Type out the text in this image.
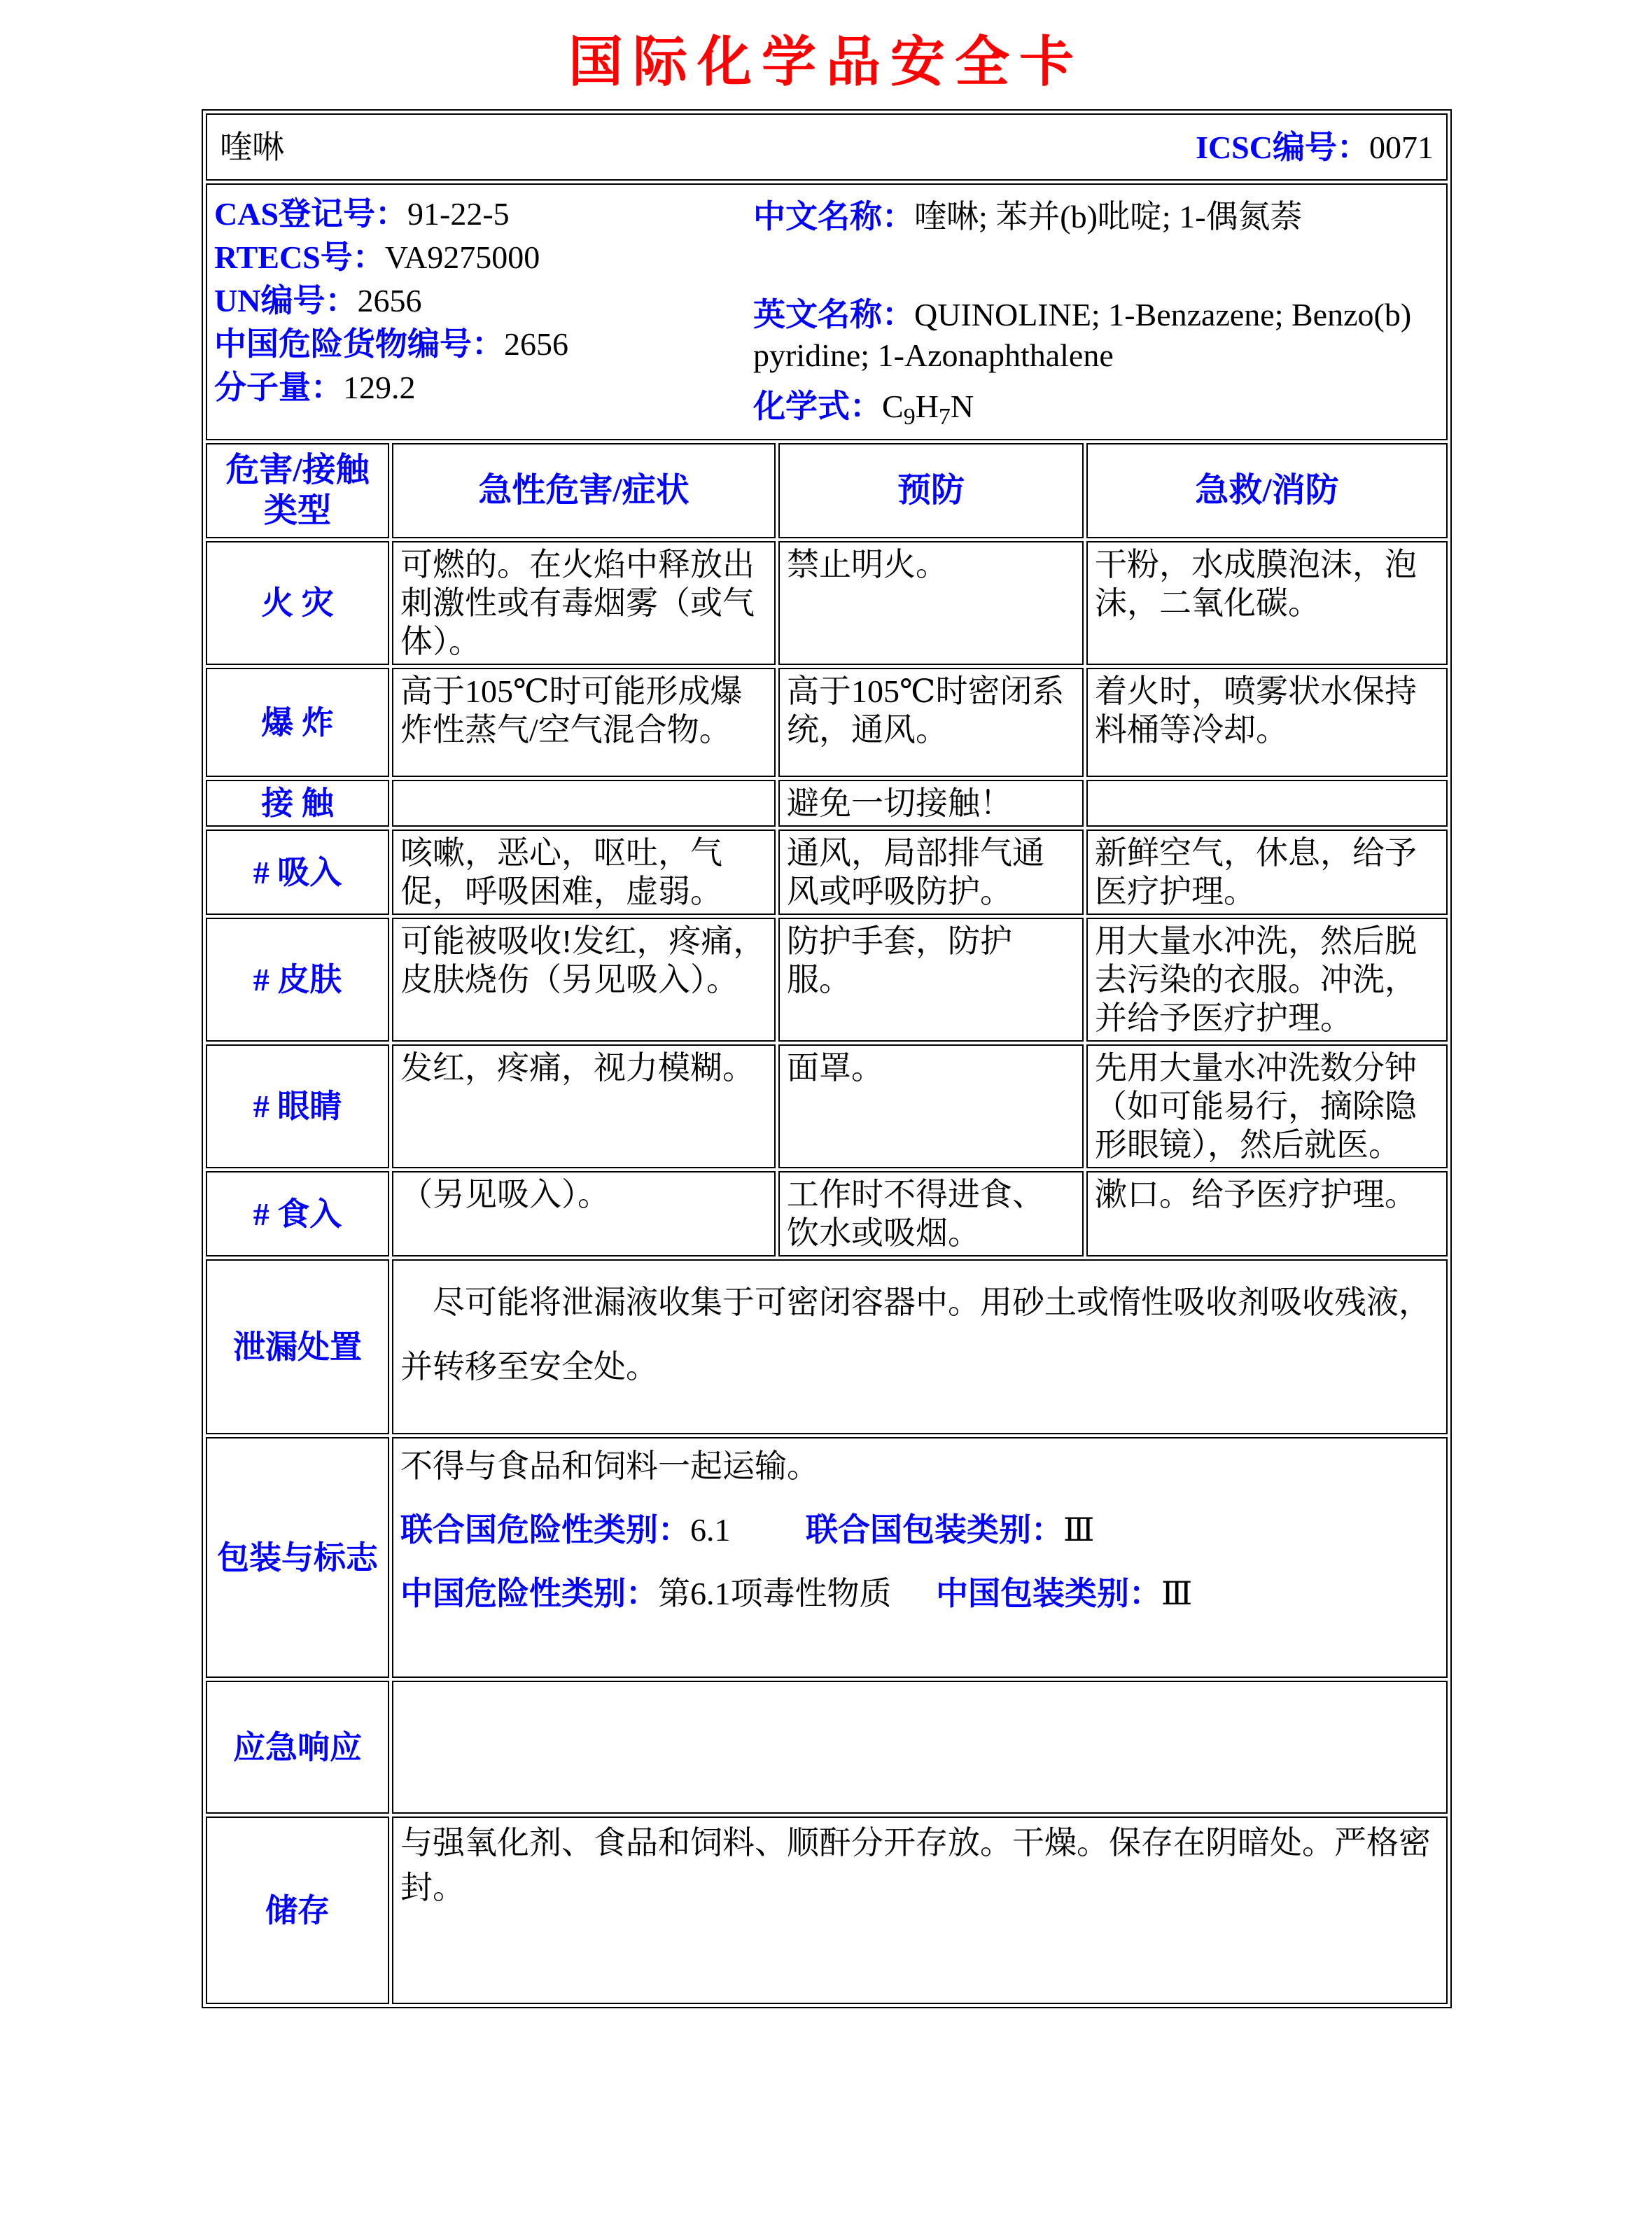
国际化学品安全卡
喹啉 ICSC编号：0071			

CAS登记号： 91-22-5
RTECS号： VA9275000
UN编号： 2656
中国危险货物编号： 2656
分子量： 129.2
中文名称：喹啉; 苯并(b)吡啶; 1-偶氮萘
英文名称：QUINOLINE; 1-Benzazene; Benzo(b) pyridine; 1-Azonaphthalene
化学式：$C_9H_7N$

危害/接触
类型	急性危害/症状	预防	急救/消防
火 灾	可燃的。在火焰中释放出刺激性或有毒烟雾（或气体）。	禁止明火。	干粉，水成膜泡沫，泡沫，二氧化碳。
爆 炸	高于105℃时可能形成爆炸性蒸气/空气混合物。	高于105℃时密闭系统，通风。	着火时，喷雾状水保持料桶等冷却。
接 触		避免一切接触！	
# 吸入	咳嗽，恶心，呕吐，气促，呼吸困难，虚弱。	通风，局部排气通风或呼吸防护。	新鲜空气，休息，给予医疗护理。
# 皮肤	可能被吸收!发红，疼痛，皮肤烧伤（另见吸入）。	防护手套，防护服。	用大量水冲洗，然后脱去污染的衣服。冲洗，并给予医疗护理。
# 眼睛	发红，疼痛，视力模糊。	面罩。	先用大量水冲洗数分钟（如可能易行，摘除隐形眼镜），然后就医。
# 食入	（另见吸入）。	工作时不得进食、饮水或吸烟。	漱口。给予医疗护理。
泄漏处置	　尽可能将泄漏液收集于可密闭容器中。用砂土或惰性吸收剂吸收残液，并转移至安全处。		

包装与标志	不得与食品和饲料一起运输。
联合国危险性类别：6.1 联合国包装类别：Ⅲ
中国危险性类别：第6.1项毒性物质 中国包装类别：Ⅲ		

应急响应			
储存	与强氧化剂、食品和饲料、顺酐分开存放。干燥。保存在阴暗处。严格密封。		
